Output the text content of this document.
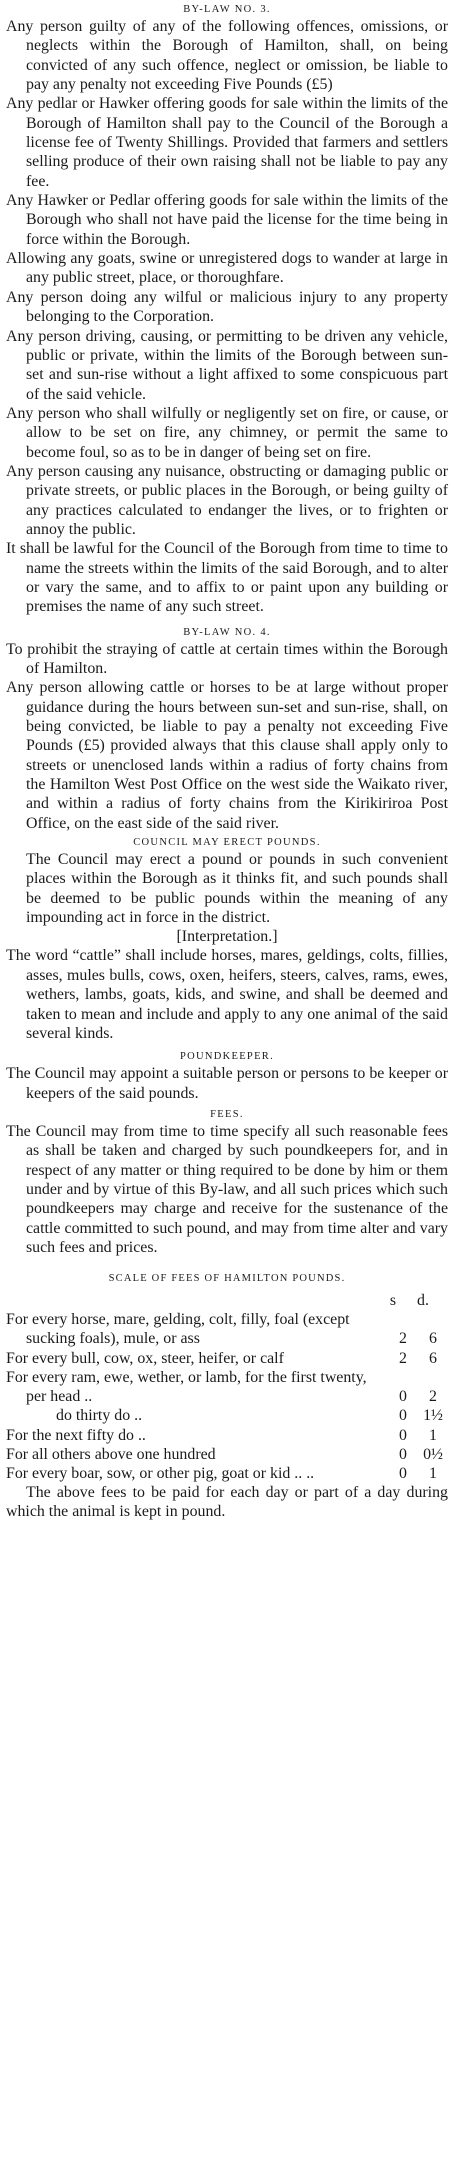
BY-LAW NO. 3.

Any person guilty of any of the following offences, omissions, or neglects within the Borough of Hamilton, shall, on being convicted of any such offence, neglect or omission, be liable to pay any penalty not exceeding Five Pounds (£5)

Any pedlar or Hawker offering goods for sale within the limits of the Borough of Hamilton shall pay to the Council of the Borough a license fee of Twenty Shillings. Provided that farmers and settlers selling produce of their own raising shall not be liable to pay any fee.

Any Hawker or Pedlar offering goods for sale within the limits of the Borough who shall not have paid the license for the time being in force within the Borough.

Allowing any goats, swine or unregistered dogs to wander at large in any public street, place, or thoroughfare.

Any person doing any wilful or malicious injury to any property belonging to the Corporation.

Any person driving, causing, or permitting to be driven any vehicle, public or private, within the limits of the Borough between sun-set and sun-rise without a light affixed to some conspicuous part of the said vehicle.

Any person who shall wilfully or negligently set on fire, or cause, or allow to be set on fire, any chimney, or permit the same to become foul, so as to be in danger of being set on fire.

Any person causing any nuisance, obstructing or damaging public or private streets, or public places in the Borough, or being guilty of any practices calculated to endanger the lives, or to frighten or annoy the public.

It shall be lawful for the Council of the Borough from time to time to name the streets within the limits of the said Borough, and to alter or vary the same, and to affix to or paint upon any building or premises the name of any such street.

BY-LAW NO. 4.

To prohibit the straying of cattle at certain times within the Borough of Hamilton.

Any person allowing cattle or horses to be at large without proper guidance during the hours between sun-set and sun-rise, shall, on being convicted, be liable to pay a penalty not exceeding Five Pounds (£5) provided always that this clause shall apply only to streets or unenclosed lands within a radius of forty chains from the Hamilton West Post Office on the west side the Waikato river, and within a radius of forty chains from the Kirikiriroa Post Office, on the east side of the said river.

COUNCIL MAY ERECT POUNDS.

The Council may erect a pound or pounds in such convenient places within the Borough as it thinks fit, and such pounds shall be deemed to be public pounds within the meaning of any impounding act in force in the district.

[Interpretation.]

The word “cattle” shall include horses, mares, geldings, colts, fillies, asses, mules bulls, cows, oxen, heifers, steers, calves, rams, ewes, wethers, lambs, goats, kids, and swine, and shall be deemed and taken to mean and include and apply to any one animal of the said several kinds.

POUNDKEEPER.

The Council may appoint a suitable person or persons to be keeper or keepers of the said pounds.

FEES.

The Council may from time to time specify all such reasonable fees as shall be taken and charged by such poundkeepers for, and in respect of any matter or thing required to be done by him or them under and by virtue of this By-law, and all such prices which such poundkeepers may charge and receive for the sustenance of the cattle committed to such pound, and may from time alter and vary such fees and prices.

SCALE OF FEES OF HAMILTON POUNDS.

s	d.
For every horse, mare, gelding, colt, filly, foal (except sucking foals), mule, or ass	2	6
For every bull, cow, ox, steer, heifer, or calf	2	6
For every ram, ewe, wether, or lamb, for the first twenty, per head ..	0	2
do thirty do ..	0	1½
For the next fifty do ..	0	1
For all others above one hundred	0	0½
For every boar, sow, or other pig, goat or kid .. ..	0	1

The above fees to be paid for each day or part of a day during which the animal is kept in pound.
